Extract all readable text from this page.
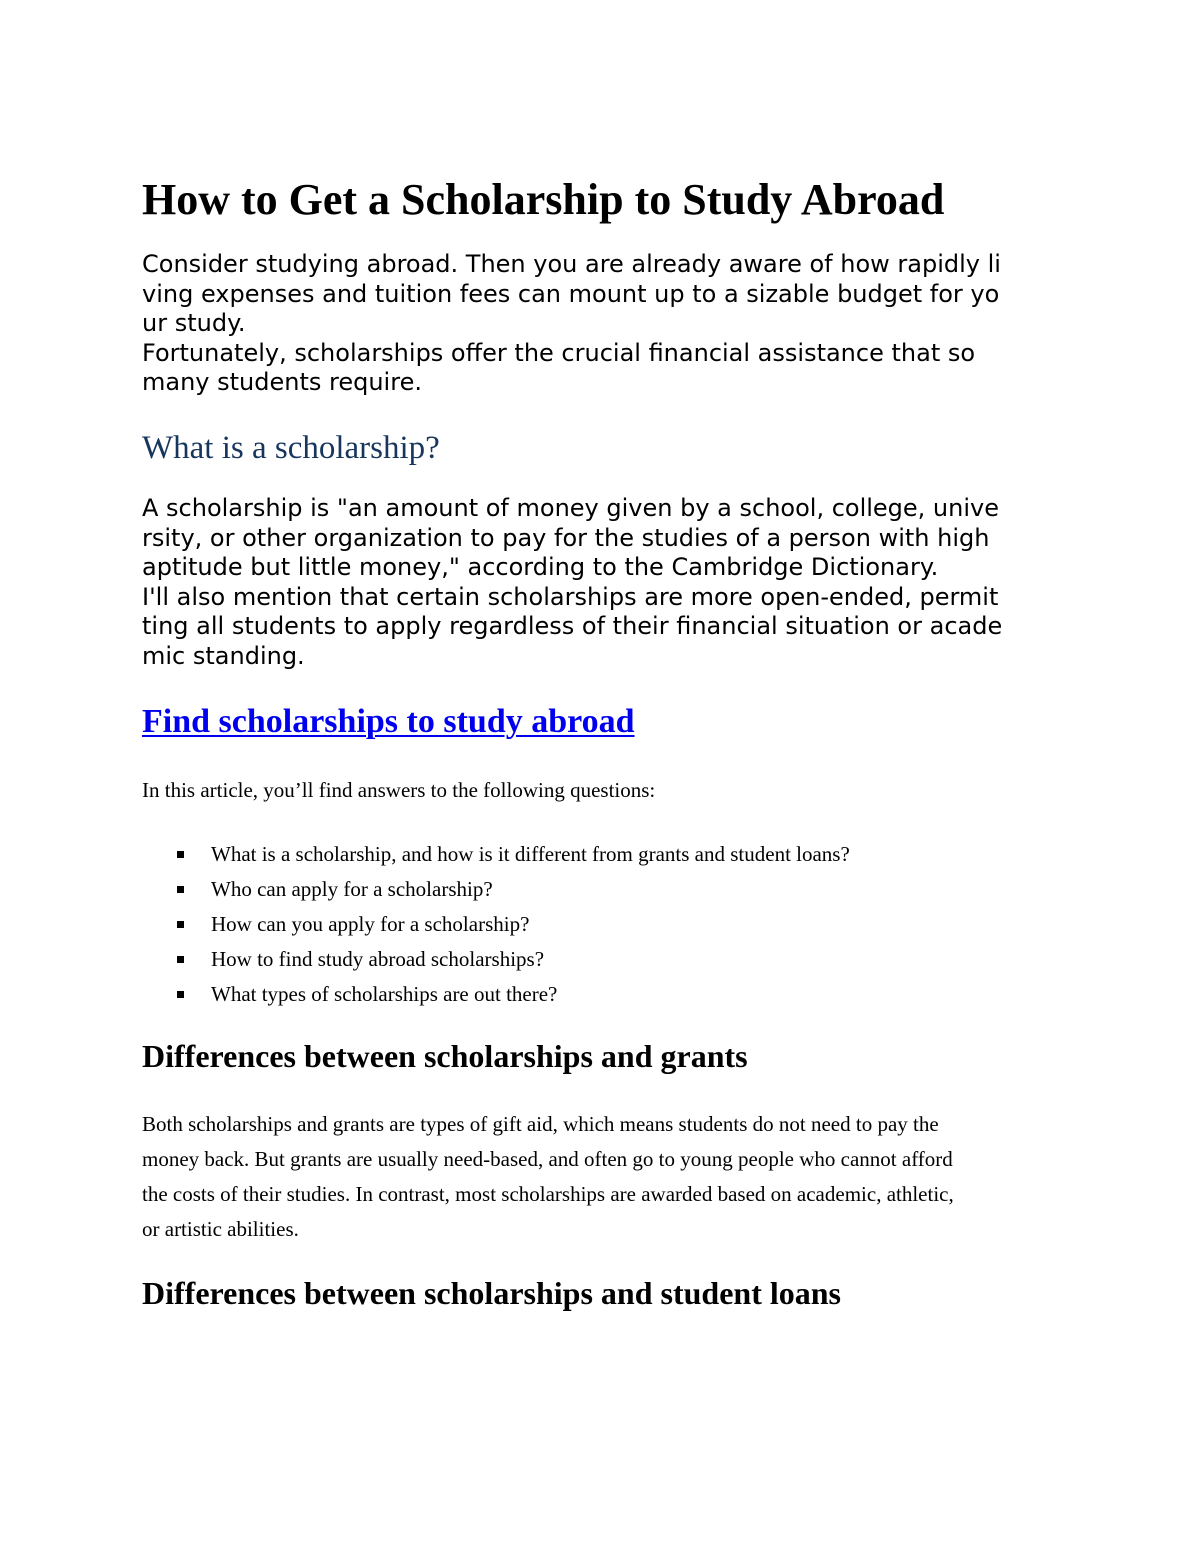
How to Get a Scholarship to Study Abroad

Consider studying abroad. Then you are already aware of how rapidly li
ving expenses and tuition fees can mount up to a sizable budget for yo
ur study.
Fortunately, scholarships offer the crucial financial assistance that so
many students require.

What is a scholarship?

A scholarship is "an amount of money given by a school, college, unive
rsity, or other organization to pay for the studies of a person with high
aptitude but little money," according to the Cambridge Dictionary.
I'll also mention that certain scholarships are more open-ended, permit
ting all students to apply regardless of their financial situation or acade
mic standing.

Find scholarships to study abroad

In this article, you’ll find answers to the following questions:

What is a scholarship, and how is it different from grants and student loans?
Who can apply for a scholarship?
How can you apply for a scholarship?
How to find study abroad scholarships?
What types of scholarships are out there?
Differences between scholarships and grants

Both scholarships and grants are types of gift aid, which means students do not need to pay the
money back. But grants are usually need-based, and often go to young people who cannot afford
the costs of their studies. In contrast, most scholarships are awarded based on academic, athletic,
or artistic abilities.

Differences between scholarships and student loans
